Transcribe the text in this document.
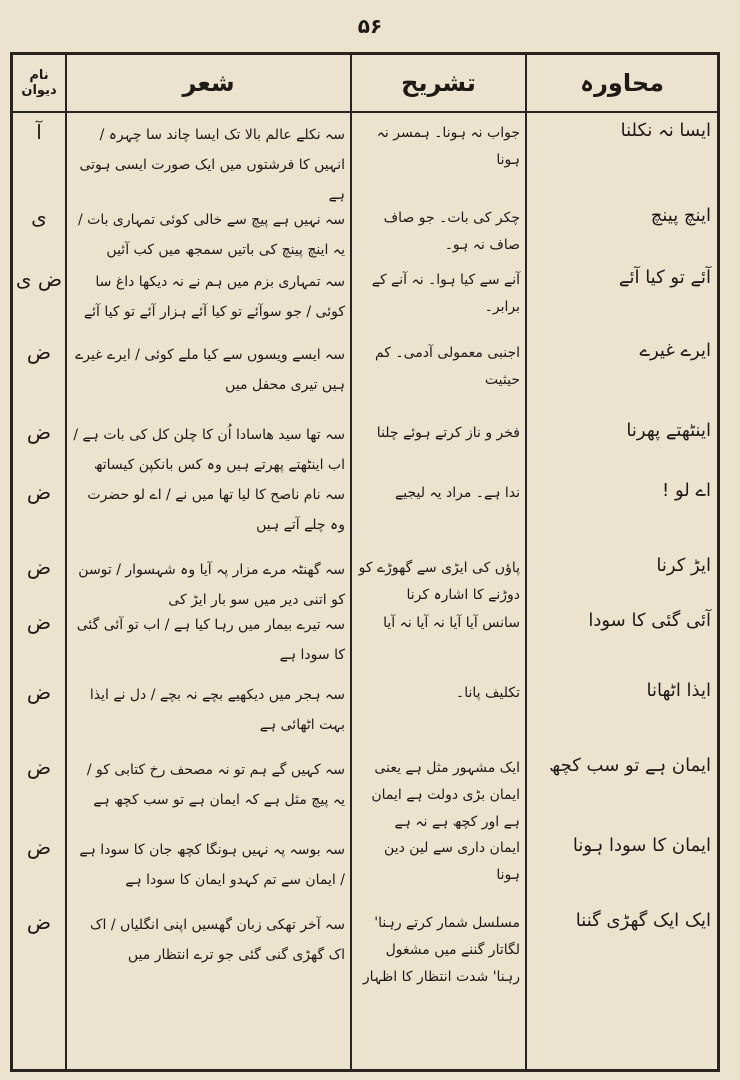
۵۶
محاورہ
تشریح
شعر
نام
دیوان
ایسا نہ نکلنا
جواب نہ ہونا۔ ہمسر نہ ہونا
سہ نکلے عالم بالا تک ایسا چاند سا چہرہ / انہیں کا فرشتوں میں ایک صورت ایسی ہوتی ہے
آ
اینچ پینچ
چکر کی بات۔ جو صاف صاف نہ ہو۔
سہ نہیں ہے پیچ سے خالی کوئی تمہاری بات / یہ اینچ پینچ کی باتیں سمجھ میں کب آئیں
ی
آئے تو کیا آئے
آنے سے کیا ہوا۔ نہ آنے کے برابر۔
سہ تمہاری بزم میں ہم نے نہ دیکھا داغ سا کوئی / جو سوآئے تو کیا آئے ہزار آئے تو کیا آئے
ض ی
ایرے غیرے
اجنبی معمولی آدمی۔ کم حیثیت
سہ ایسے ویسوں سے کیا ملے کوئی / ایرے غیرے ہیں تیری محفل میں
ض
اینٹھتے پھرنا
فخر و ناز کرتے ہوئے چلنا
سہ تھا سید ھاسادا اُن کا چلن کل کی بات ہے / اب اینٹھتے پھرتے ہیں وہ کس بانکپن کیساتھ
ض
اے لو !
ندا ہے۔ مراد یہ لیجیے
سہ نام ناصح کا لیا تھا میں نے / اے لو حضرت وہ چلے آتے ہیں
ض
ایڑ کرنا
پاؤں کی ایڑی سے گھوڑے کو دوڑنے کا اشارہ کرنا
سہ گھنٹہ مرے مزار پہ آیا وہ شہسوار / توسن کو اتنی دیر میں سو بار ایڑ کی
ض
آئی گئی کا سودا
سانس آیا آیا نہ آیا نہ آیا
سہ تیرے بیمار میں رہا کیا ہے / اب تو آئی گئی کا سودا ہے
ض
ایذا اٹھانا
تکلیف پانا۔
سہ ہجر میں دیکھیے بچے نہ بچے / دل نے ایذا بہت اٹھائی ہے
ض
ایمان ہے تو سب کچھ
ایک مشہور مثل ہے یعنی ایمان بڑی دولت ہے ایمان ہے اور کچھ ہے نہ ہے
سہ کہیں گے ہم تو نہ مصحف رخ کتابی کو / یہ پیچ مثل ہے کہ ایمان ہے تو سب کچھ ہے
ض
ایمان کا سودا ہونا
ایمان داری سے لین دین ہونا
سہ بوسہ پہ نہیں ہونگا کچھ جان کا سودا ہے / ایمان سے تم کہدو ایمان کا سودا ہے
ض
ایک ایک گھڑی گننا
مسلسل شمار کرتے رہنا' لگاتار گننے میں مشغول رہنا' شدت انتظار کا اظہار
سہ آخر تھکی زبان گھسیں اپنی انگلیاں / اک اک گھڑی گنی گئی جو ترے انتظار میں
ض
